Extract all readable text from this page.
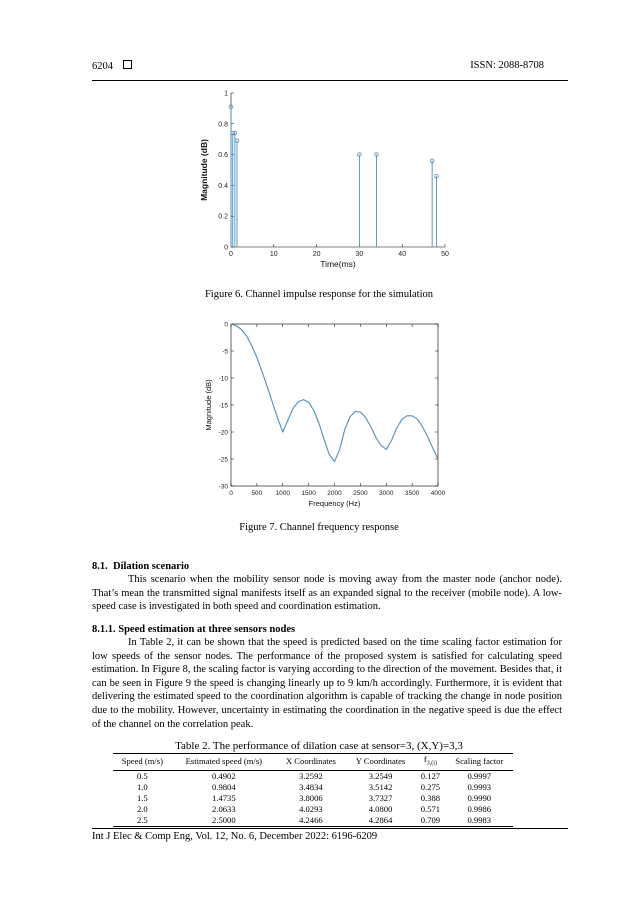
6204	ISSN: 2088-8708
0	10	20	30	40	50
0
0.2
0.4
0.6
0.8
1
Time(ms)
Magnitude (dB)
Figure 6. Channel impulse response for the simulation
0	500 1000 1500 2000 2500 3000 3500 4000
0
-5
-10
-15
-20
-25
-30
Frequency (Hz)
Magnitude (dB)
Figure 7. Channel frequency response
8.1. Dilation scenario
This scenario when the mobility sensor node is moving away from the master node (anchor node). That’s mean the transmitted signal manifests itself as an expanded signal to the receiver (mobile node). A low-speed case is investigated in both speed and coordination estimation.
8.1.1. Speed estimation at three sensors nodes
In Table 2, it can be shown that the speed is predicted based on the time scaling factor estimation for low speeds of the sensor nodes. The performance of the proposed system is satisfied for calculating speed estimation. In Figure 8, the scaling factor is varying according to the direction of the movement. Besides that, it can be seen in Figure 9 the speed is changing linearly up to 9 km/h accordingly. Furthermore, it is evident that delivering the estimated speed to the coordination algorithm is capable of tracking the change in node position due to the mobility. However, uncertainty in estimating the coordination in the negative speed is due the effect of the channel on the correlation peak.
Table 2. The performance of dilation case at sensor=3, (X,Y)=3,3
Speed (m/s)	Estimated speed (m/s)	X Coordinates	Y Coordinates	$f_{3,(i)}$	Scaling factor
0.5	0.4902	3.2592	3.2549	0.127	0.9997
1.0	0.9804	3.4834	3.5142	0.275	0.9993
1.5	1.4735	3.8006	3.7327	0.388	0.9990
2.0	2.0633	4.0293	4.0800	0.571	0.9986
2.5	2.5000	4.2466	4.2864	0.709	0.9983
Int J Elec & Comp Eng, Vol. 12, No. 6, December 2022: 6196-6209
